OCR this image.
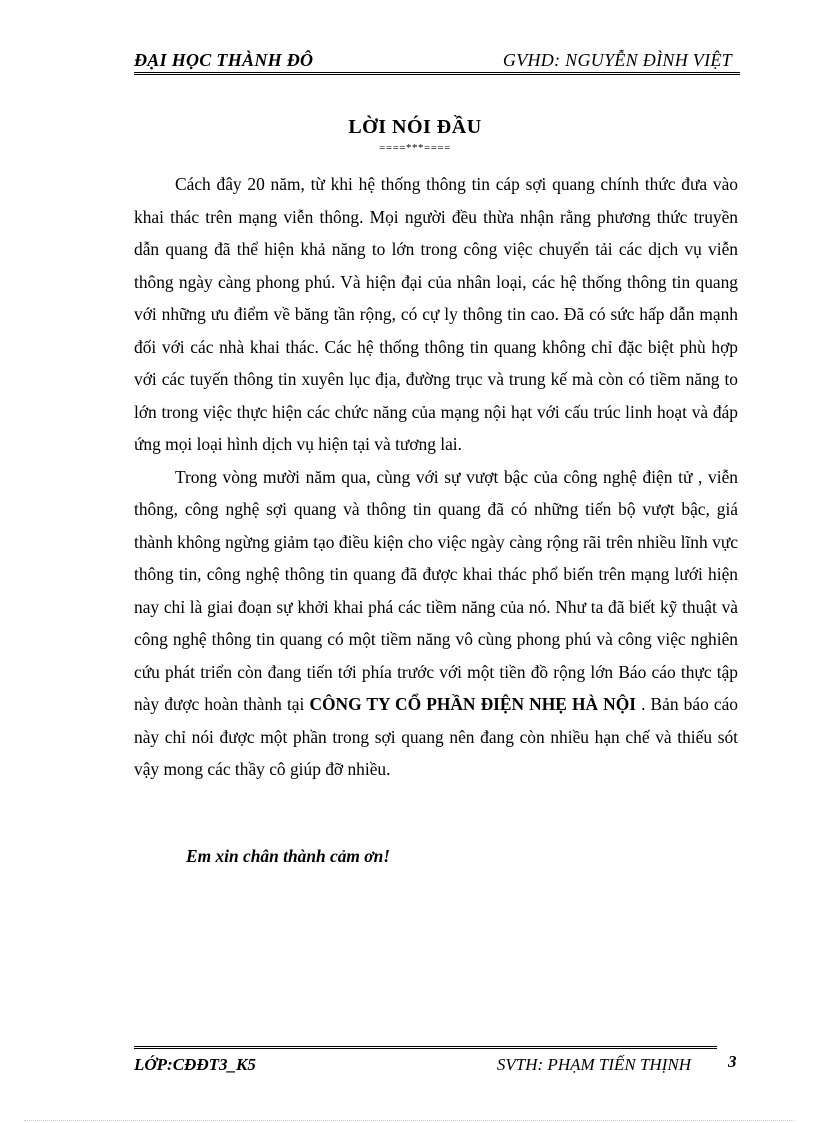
ĐẠI HỌC THÀNH ĐÔ	GVHD: NGUYỄN ĐÌNH VIỆT
LỜI NÓI ĐẦU
====***====

Cách đây 20 năm, từ khi hệ thống thông tin cáp sợi quang chính thức đưa vào khai thác trên mạng viễn thông. Mọi người đều thừa nhận rằng phương thức truyền dẫn quang đã thể hiện khả năng to lớn trong công việc chuyển tải các dịch vụ viễn thông ngày càng phong phú. Và hiện đại của nhân loại, các hệ thống thông tin quang với những ưu điểm về băng tần rộng, có cự ly thông tin cao. Đã có sức hấp dẫn mạnh đối với các nhà khai thác. Các hệ thống thông tin quang không chỉ đặc biệt phù hợp với các tuyến thông tin xuyên lục địa, đường trục và trung kế mà còn có tiềm năng to lớn trong việc thực hiện các chức năng của mạng nội hạt với cấu trúc linh hoạt và đáp ứng mọi loại hình dịch vụ hiện tại và tương lai.

Trong vòng mười năm qua, cùng với sự vượt bậc của công nghệ điện tử , viễn thông, công nghệ sợi quang và thông tin quang đã có những tiến bộ vượt bậc, giá thành không ngừng giảm tạo điều kiện cho việc ngày càng rộng rãi trên nhiều lĩnh vực thông tin, công nghệ thông tin quang đã được khai thác phổ biến trên mạng lưới hiện nay chỉ là giai đoạn sự khởi khai phá các tiềm năng của nó. Như ta đã biết kỹ thuật và công nghệ thông tin quang có một tiềm năng vô cùng phong phú và công việc nghiên cứu phát triển còn đang tiến tới phía trước với một tiền đồ rộng lớn Báo cáo thực tập này được hoàn thành tại CÔNG TY CỔ PHẦN ĐIỆN NHẸ HÀ NỘI . Bản báo cáo này chỉ nói được một phần trong sợi quang nên đang còn nhiều hạn chế và thiếu sót vậy mong các thầy cô giúp đỡ nhiều.

Em xin chân thành cảm ơn!
LỚP:CĐĐT3_K5	SVTH: PHẠM TIẾN THỊNH 3
